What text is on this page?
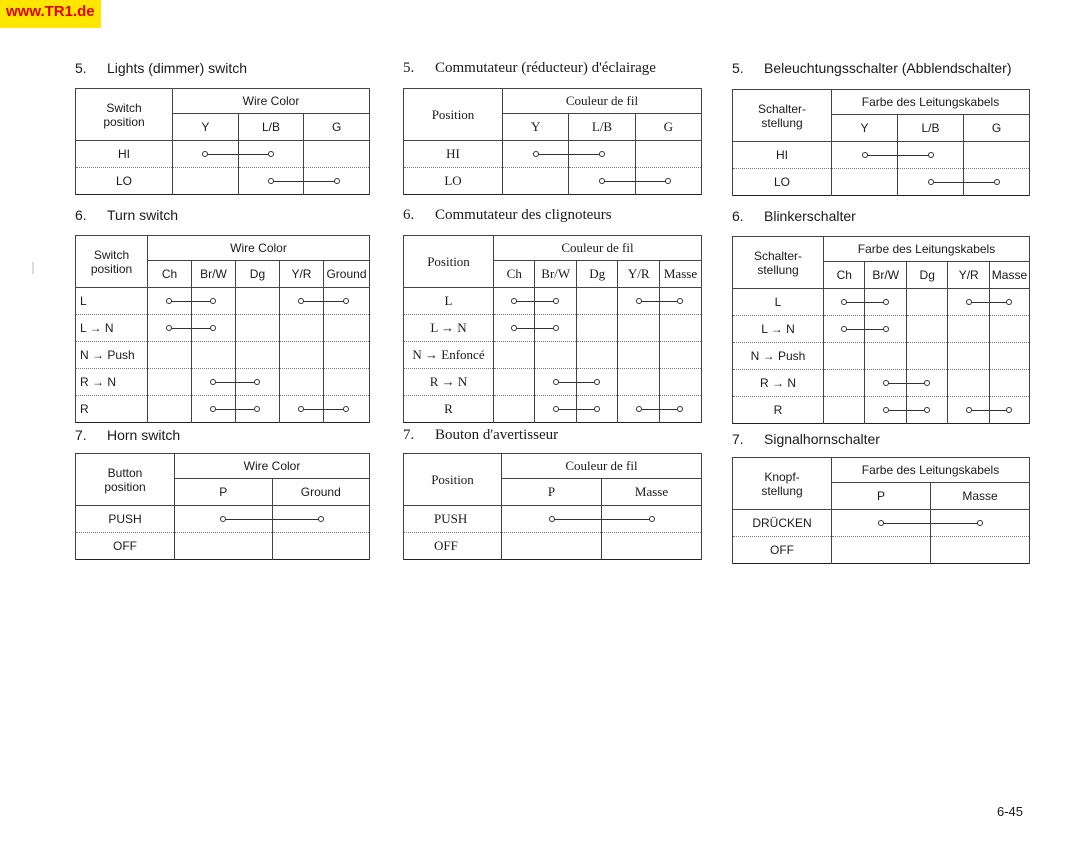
www.TR1.de

5. Lights (dimmer) switch

Switch
position	Wire Color		
	Y	L/B	G
HI	

LO		

6. Turn switch

Switch
position	Wire Color				
	Ch	Br/W	Dg	Y/R	Ground
L	

L → N	

N → Push					
R → N		

R		

7. Horn switch

Button
position	Wire Color	
	P	Ground
PUSH	

OFF		

5. Commutateur (réducteur) d'éclairage

Position	Couleur de fil		
	Y	L/B	G
HI	

LO		

6. Commutateur des clignoteurs

Position	Couleur de fil				
	Ch	Br/W	Dg	Y/R	Masse
L	

L → N	

N → Enfoncé					
R → N		

R		

7. Bouton d'avertisseur

Position	Couleur de fil	
	P	Masse
PUSH	

OFF		

5. Beleuchtungsschalter (Abblendschalter)

Schalter-
stellung	Farbe des Leitungskabels		
	Y	L/B	G
HI	

LO		

6. Blinkerschalter

Schalter-
stellung	Farbe des Leitungskabels				
	Ch	Br/W	Dg	Y/R	Masse
L	

L → N	

N → Push					
R → N		

R		

7. Signalhornschalter

Knopf-
stellung	Farbe des Leitungskabels	
	P	Masse
DRÜCKEN	

OFF		
6-45
